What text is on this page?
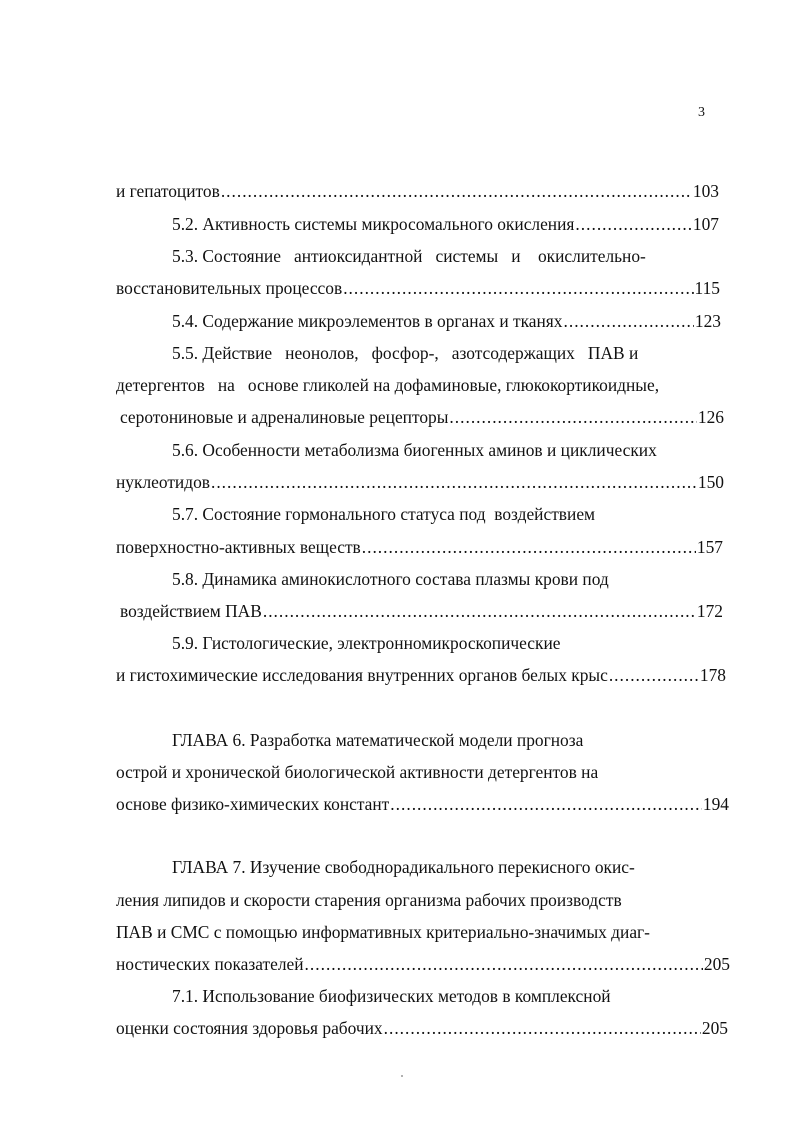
3
и гепатоцитов .....	103
5.2. Активность системы микросомального окисления .....	107
5.3. Состояние   антиоксидантной   системы   и    окислительно-
восстановительных процессов .....	115
5.4. Содержание микроэлементов в органах и тканях .....	123
5.5. Действие   неонолов,   фосфор-,   азотсодержащих   ПАВ и
детергентов   на   основе гликолей на дофаминовые, глюкокортикоидные,
серотониновые и адреналиновые рецепторы .....	126
5.6. Особенности метаболизма биогенных аминов и циклических
нуклеотидов .....	150
5.7. Состояние гормонального статуса под  воздействием
поверхностно-активных веществ .....	157
5.8. Динамика аминокислотного состава плазмы крови под
воздействием ПАВ .....	172
5.9. Гистологические, электронномикроскопические
и гистохимические исследования внутренних органов белых крыс .....	178
ГЛАВА 6. Разработка математической модели прогноза
острой и хронической биологической активности детергентов на
основе физико-химических констант .....	194
ГЛАВА 7. Изучение свободнорадикального перекисного окис-
ления липидов и скорости старения организма рабочих производств
ПАВ и СМС с помощью информативных критериально-значимых диаг-
ностических показателей .....	205
7.1. Использование биофизических методов в комплексной
оценки состояния здоровья рабочих .....	205
